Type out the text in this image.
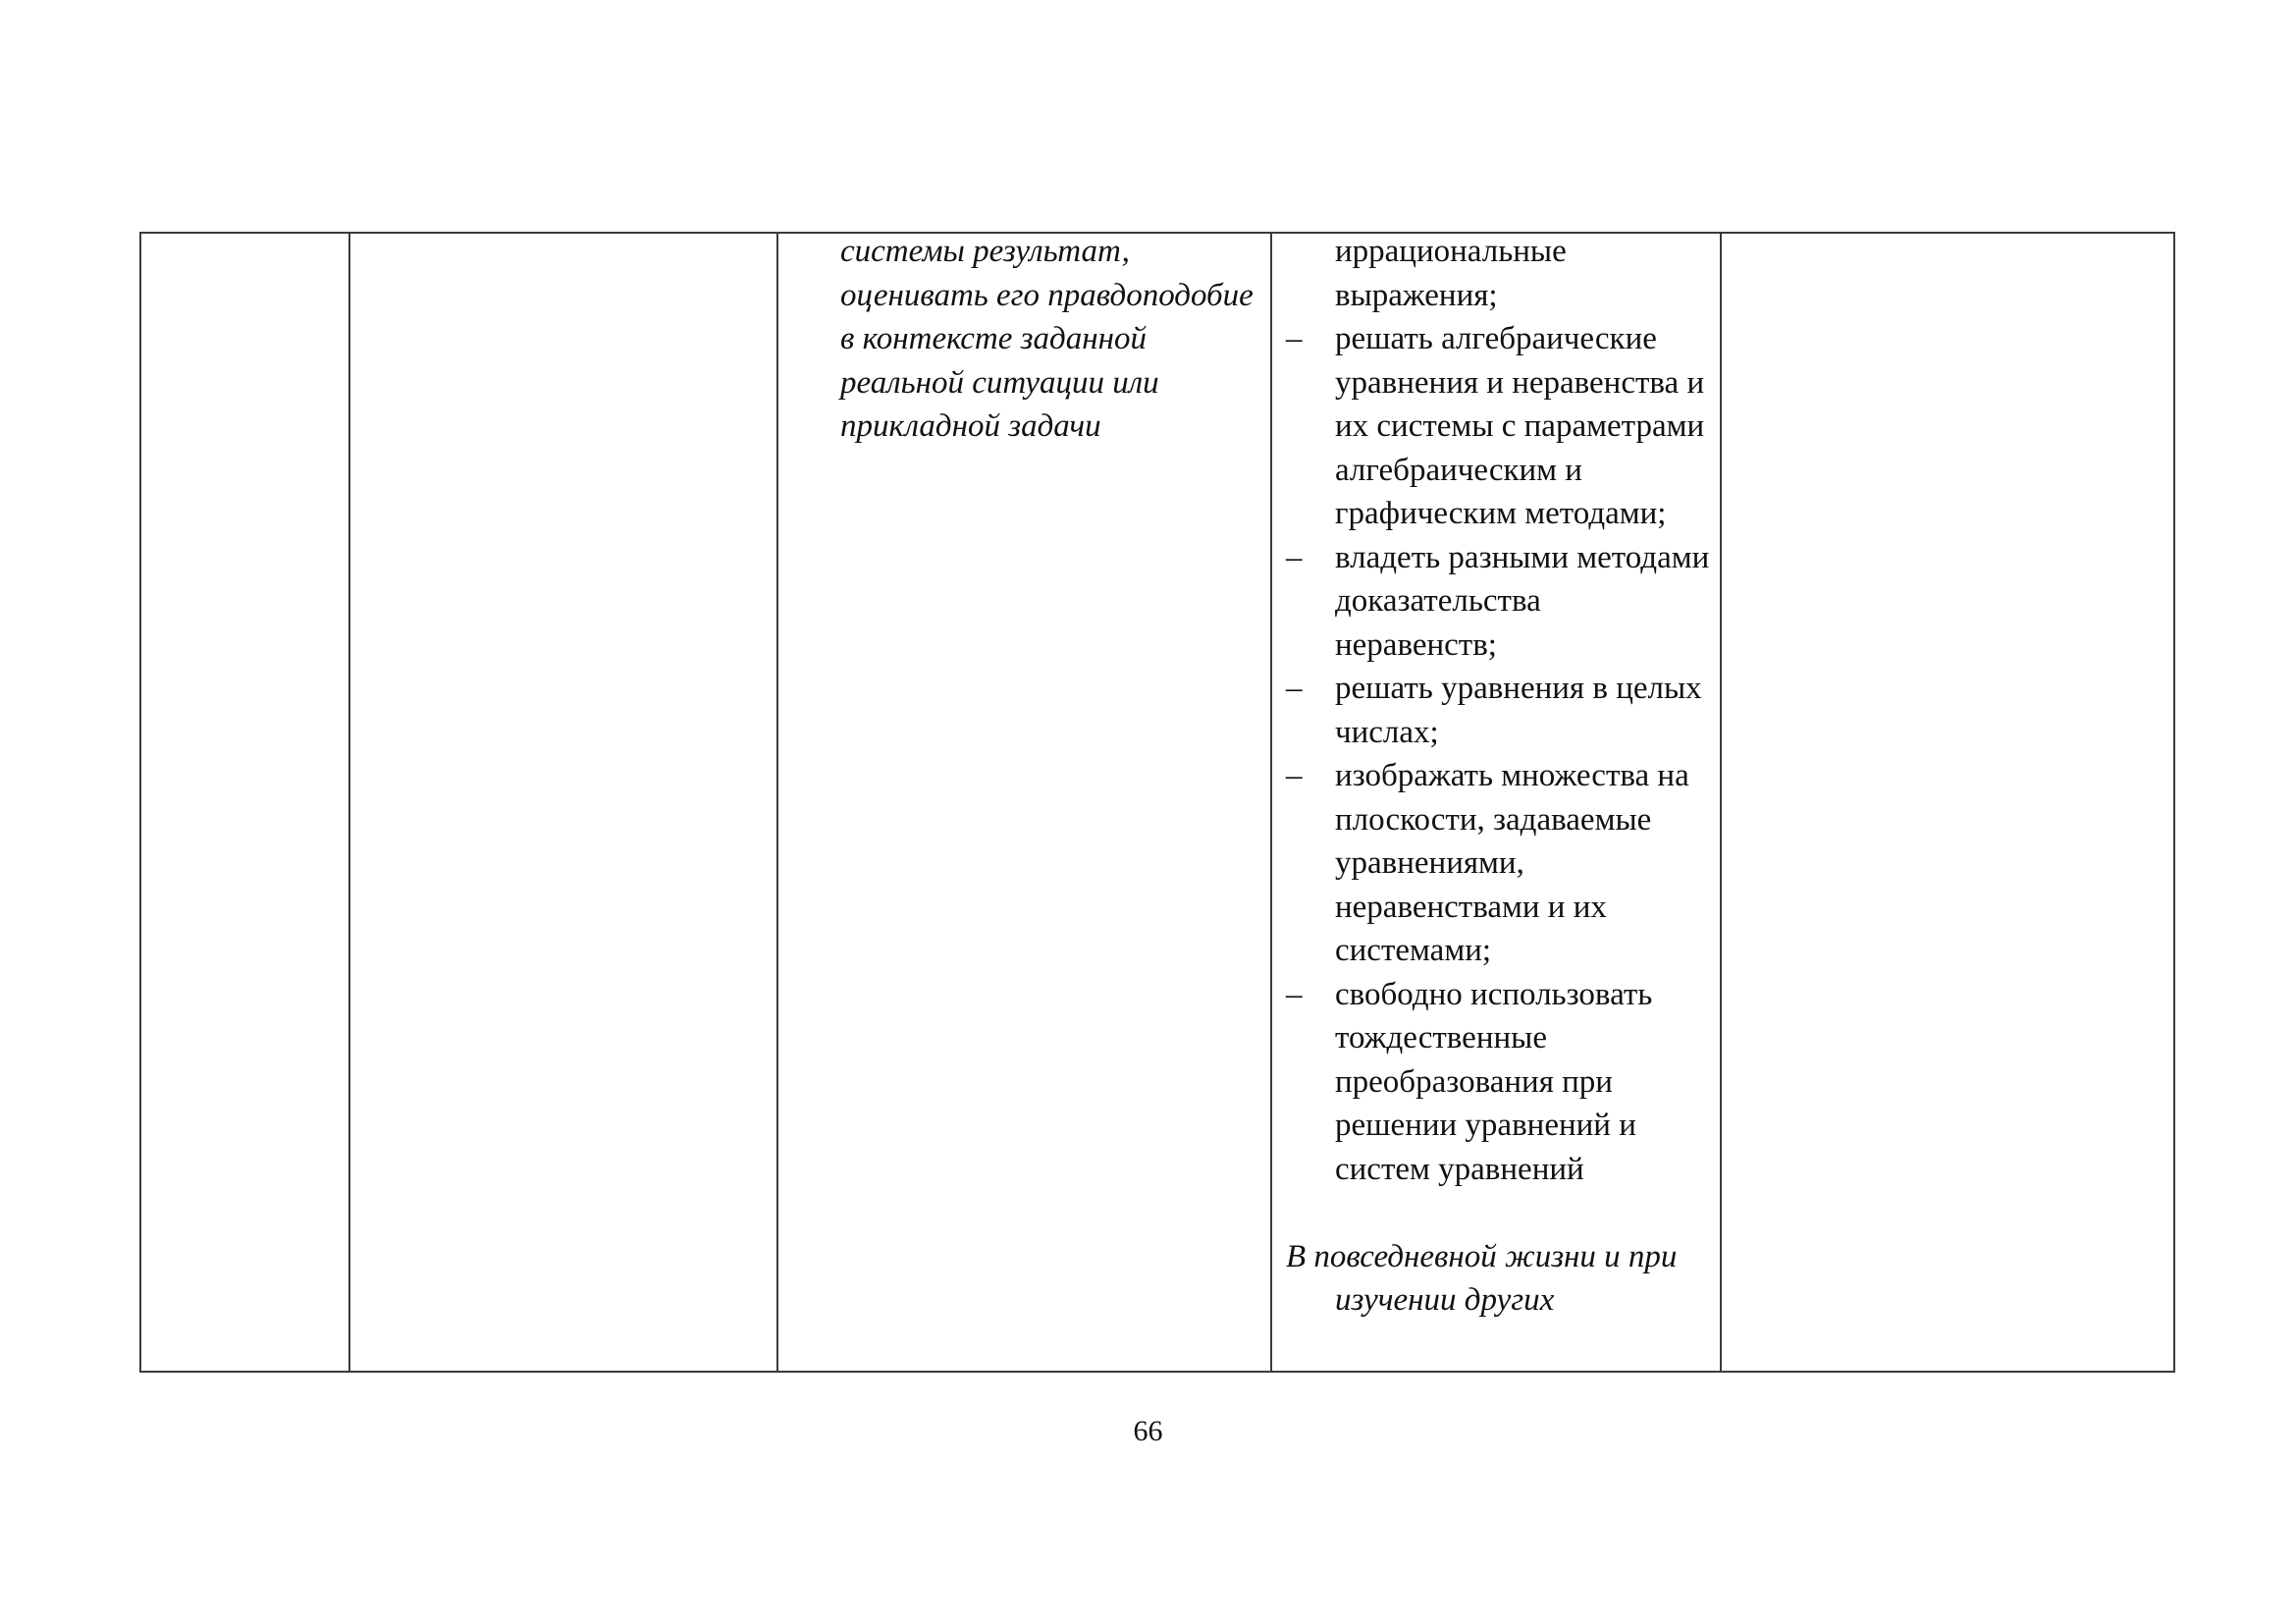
системы результат, оценивать его правдоподобие в контексте заданной реальной ситуации или прикладной задачи

иррациональные выражения;
–	решать алгебраические уравнения и неравенства и их системы с параметрами алгебраическим и графическим методами;
–	владеть разными методами доказательства неравенств;
–	решать уравнения в целых числах;
–	изображать множества на плоскости, задаваемые уравнениями, неравенствами и их системами;
–	свободно использовать тождественные преобразования при решении уравнений и систем уравнений
В повседневной жизни и при изучении других

66
